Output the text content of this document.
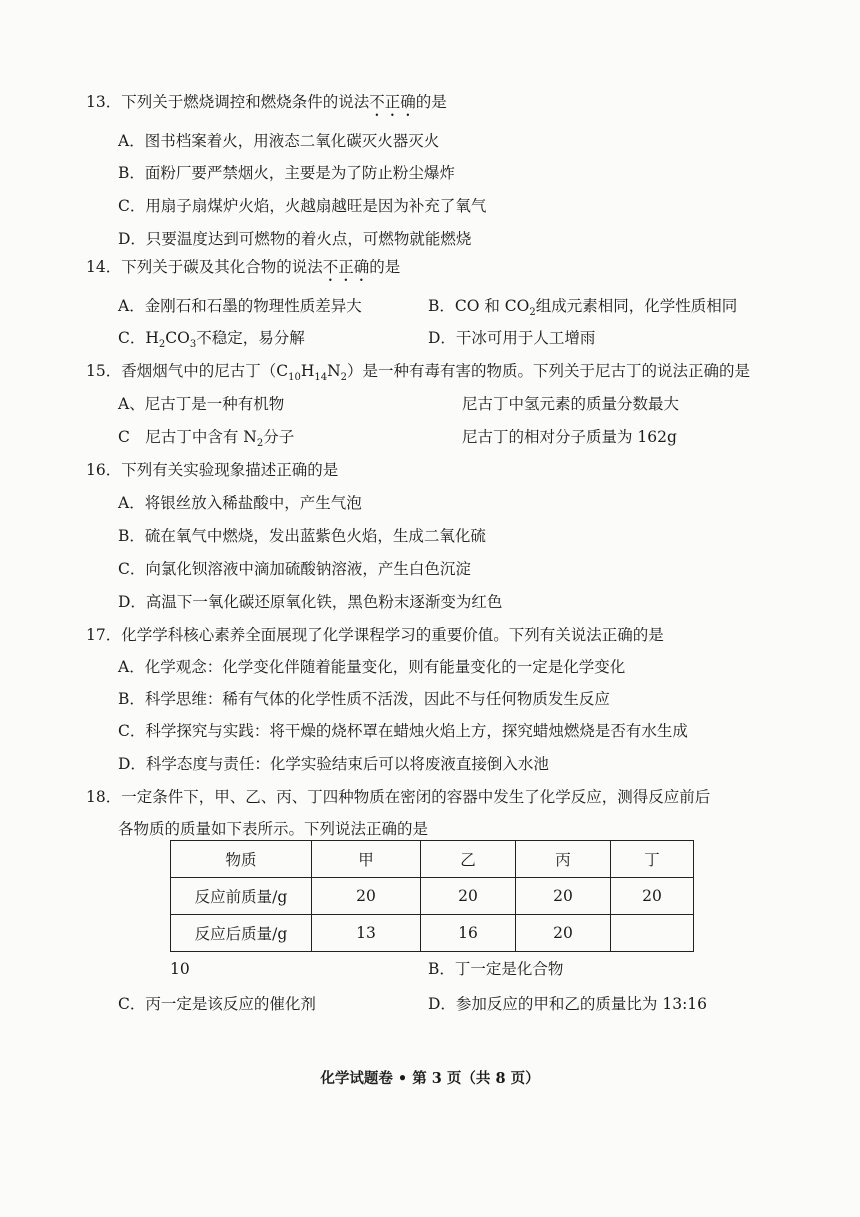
13．下列关于燃烧调控和燃烧条件的说法不正确的是
A．图书档案着火，用液态二氧化碳灭火器灭火
B．面粉厂要严禁烟火，主要是为了防止粉尘爆炸
C．用扇子扇煤炉火焰，火越扇越旺是因为补充了氧气
D．只要温度达到可燃物的着火点，可燃物就能燃烧
14．下列关于碳及其化合物的说法不正确的是
A．金刚石和石墨的物理性质差异大	B．CO 和 $CO_2$组成元素相同，化学性质相同
C．$H_2CO_3$不稳定，易分解	D．干冰可用于人工增雨
15．香烟烟气中的尼古丁$(C_{10}H_{14}N_2)$是一种有毒有害的物质。下列关于尼古丁的说法正确的是
A、尼古丁是一种有机物	尼古丁中氢元素的质量分数最大
C　尼古丁中含有 $N_2$分子	尼古丁的相对分子质量为 162g
16．下列有关实验现象描述正确的是
A．将银丝放入稀盐酸中，产生气泡
B．硫在氧气中燃烧，发出蓝紫色火焰，生成二氧化硫
C．向氯化钡溶液中滴加硫酸钠溶液，产生白色沉淀
D．高温下一氧化碳还原氧化铁，黑色粉末逐渐变为红色
17．化学学科核心素养全面展现了化学课程学习的重要价值。下列有关说法正确的是
A．化学观念：化学变化伴随着能量变化，则有能量变化的一定是化学变化
B．科学思维：稀有气体的化学性质不活泼，因此不与任何物质发生反应
C．科学探究与实践：将干燥的烧杯罩在蜡烛火焰上方，探究蜡烛燃烧是否有水生成
D．科学态度与责任：化学实验结束后可以将废液直接倒入水池
18．一定条件下，甲、乙、丙、丁四种物质在密闭的容器中发生了化学反应，测得反应前后
各物质的质量如下表所示。下列说法正确的是
物质	甲	乙	丙	丁
反应前质量/g	20	20	20	20
反应后质量/g	13	16	20	
10	B．丁一定是化合物
C．丙一定是该反应的催化剂	D．参加反应的甲和乙的质量比为 13:16
化学试题卷 • 第 3 页（共 8 页）
